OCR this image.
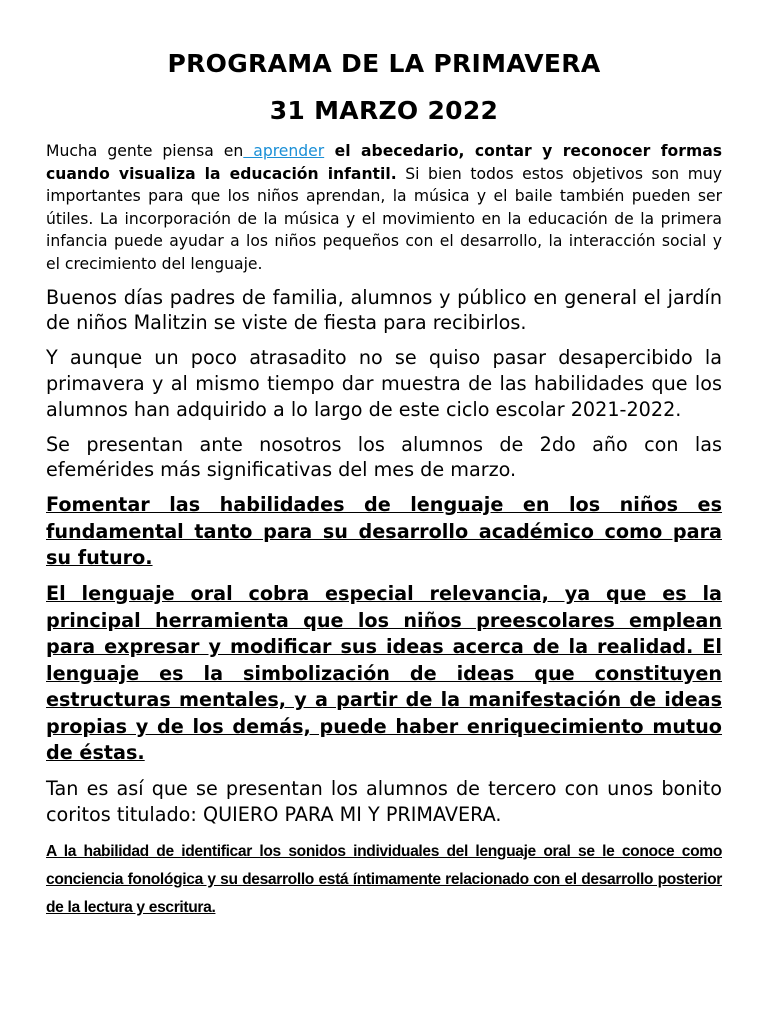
PROGRAMA DE LA PRIMAVERA
31 MARZO 2022

Mucha gente piensa en aprender el abecedario, contar y reconocer formas cuando visualiza la educación infantil. Si bien todos estos objetivos son muy importantes para que los niños aprendan, la música y el baile también pueden ser útiles. La incorporación de la música y el movimiento en la educación de la primera infancia puede ayudar a los niños pequeños con el desarrollo, la interacción social y el crecimiento del lenguaje.

Buenos días padres de familia, alumnos y público en general el jardín de niños Malitzin se viste de fiesta para recibirlos.

Y aunque un poco atrasadito no se quiso pasar desapercibido la primavera y al mismo tiempo dar muestra de las habilidades que los alumnos han adquirido a lo largo de este ciclo escolar 2021-2022.

Se presentan ante nosotros los alumnos de 2do año con las efemérides más significativas del mes de marzo.

Fomentar las habilidades de lenguaje en los niños es fundamental tanto para su desarrollo académico como para su futuro.

El lenguaje oral cobra especial relevancia, ya que es la principal herramienta que los niños preescolares emplean para expresar y modificar sus ideas acerca de la realidad. El lenguaje es la simbolización de ideas que constituyen estructuras mentales, y a partir de la manifestación de ideas propias y de los demás, puede haber enriquecimiento mutuo de éstas.

Tan es así que se presentan los alumnos de tercero con unos bonito coritos titulado: QUIERO PARA MI Y PRIMAVERA.

A la habilidad de identificar los sonidos individuales del lenguaje oral se le conoce como conciencia fonológica y su desarrollo está íntimamente relacionado con el desarrollo posterior de la lectura y escritura.
